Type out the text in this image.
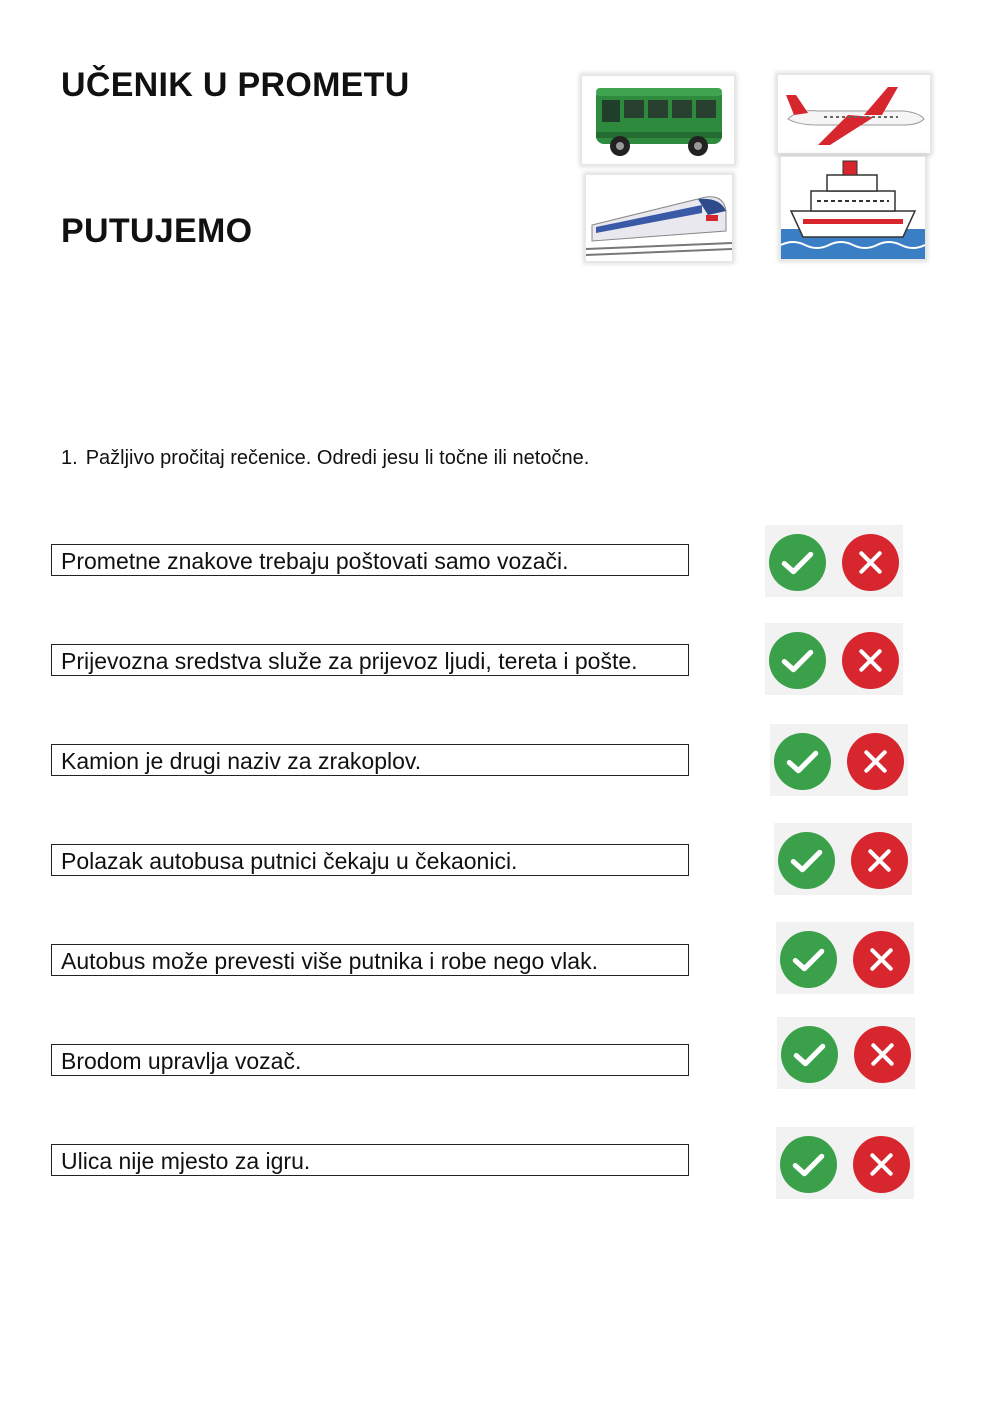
UČENIK U PROMETU
PUTUJEMO

1. Pažljivo pročitaj rečenice. Odredi jesu li točne ili netočne.

Prometne znakove trebaju poštovati samo vozači.
Prijevozna sredstva služe za prijevoz ljudi, tereta i pošte.
Kamion je drugi naziv za zrakoplov.
Polazak autobusa putnici čekaju u čekaonici.
Autobus može prevesti više putnika i robe nego vlak.
Brodom upravlja vozač.
Ulica nije mjesto za igru.
